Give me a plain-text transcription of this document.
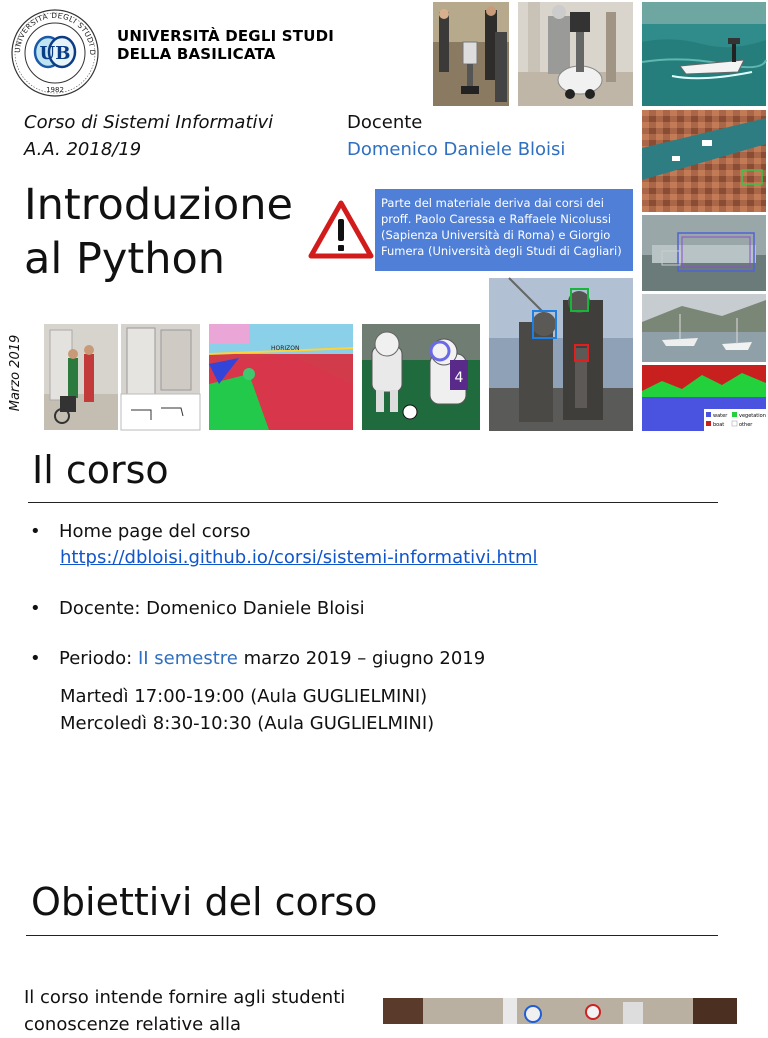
UNIVERSITÀ DEGLI STUDI D
UB
1982
UNIVERSITÀ DEGLI STUDI
DELLA BASILICATA
Corso di Sistemi Informativi
A.A. 2018/19
Docente
Domenico Daniele Bloisi
Introduzione
al Python
Parte del materiale deriva dai corsi dei proff. Paolo Caressa e Raffaele Nicolussi (Sapienza Università di Roma) e Giorgio Fumera (Università degli Studi di Cagliari)
Marzo 2019
water vegetation
boat	other
HORIZON
4
Il corso
• Home page del corso
https://dbloisi.github.io/corsi/sistemi-informativi.html
• Docente: Domenico Daniele Bloisi
• Periodo: II semestre marzo 2019 – giugno 2019
Martedì 17:00-19:00 (Aula GUGLIELMINI)
Mercoledì 8:30-10:30 (Aula GUGLIELMINI)
Obiettivi del corso
Il corso intende fornire agli studenti
conoscenze relative alla
